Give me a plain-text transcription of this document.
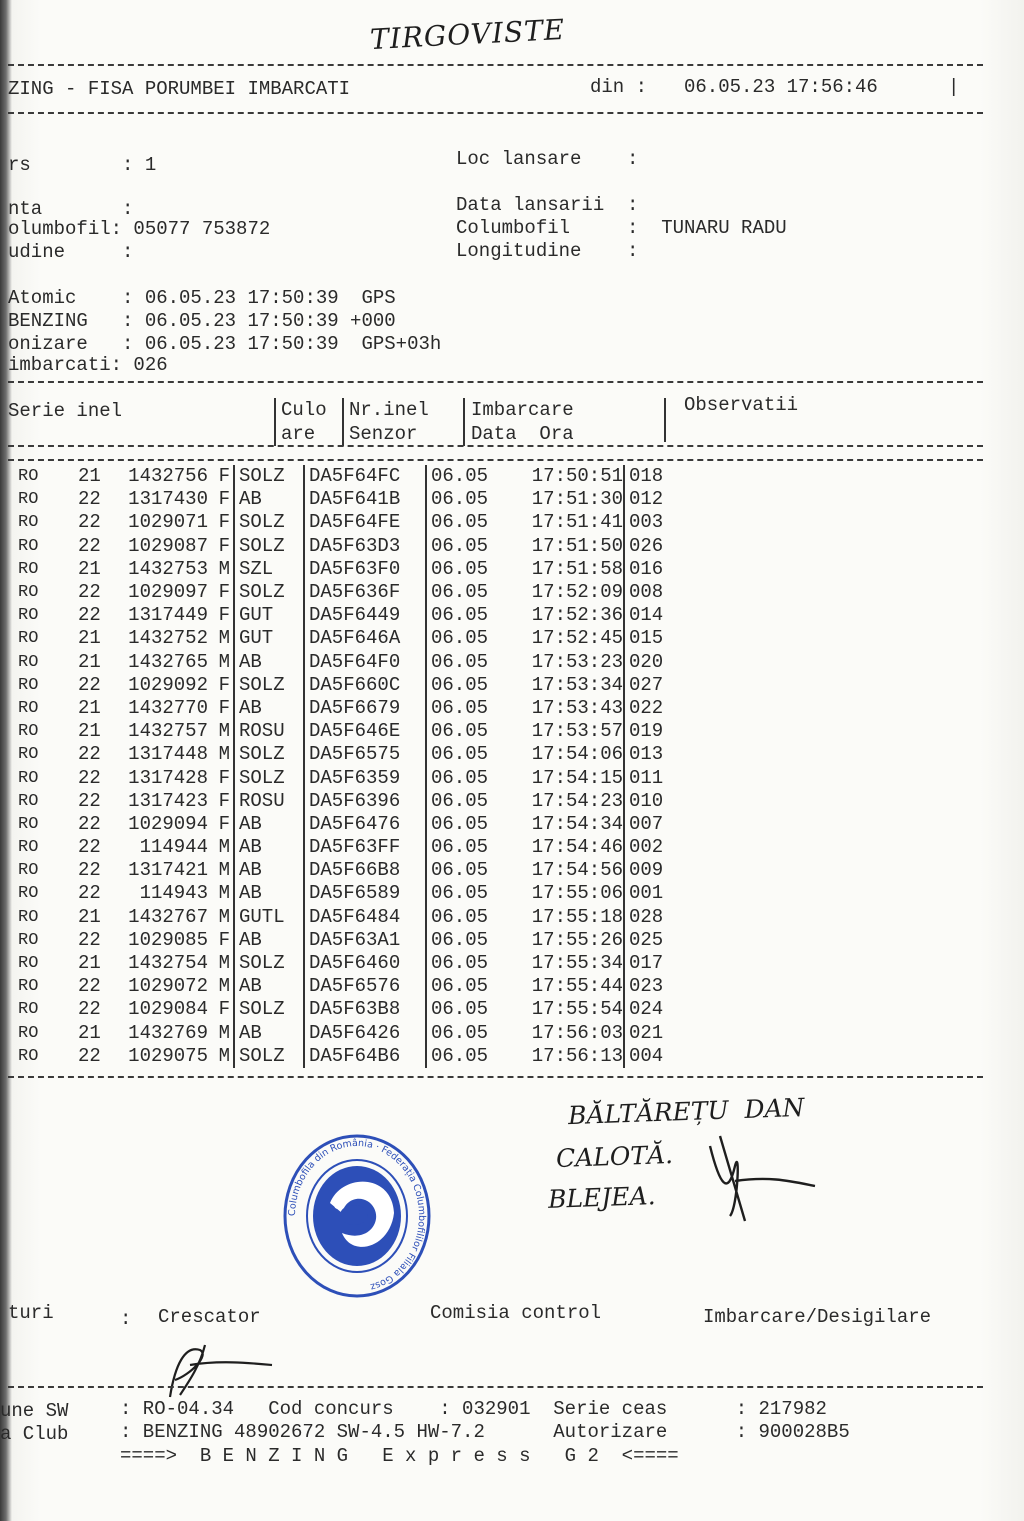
TIRGOVISTE
ZING - FISA PORUMBEI IMBARCATI	din : 06.05.23 17:56:46	|
rs        : 1
nta       :
olumbofil: 05077 753872
udine     :
Loc lansare    :
Data lansarii  :
Columbofil     :  TUNARU RADU
Longitudine    :
Atomic    : 06.05.23 17:50:39  GPS
BENZING   : 06.05.23 17:50:39 +000
onizare   : 06.05.23 17:50:39  GPS+03h
imbarcati: 026
Serie inel	Culo
are
Nr.inel
Senzor
Imbarcare
Data  Ora
Observatii
RO	21	1432756	F	SOLZ	DA5F64FC	06.05	17:50:51	018
RO	22	1317430	F	AB	DA5F641B	06.05	17:51:30	012
RO	22	1029071	F	SOLZ	DA5F64FE	06.05	17:51:41	003
RO	22	1029087	F	SOLZ	DA5F63D3	06.05	17:51:50	026
RO	21	1432753	M	SZL	DA5F63F0	06.05	17:51:58	016
RO	22	1029097	F	SOLZ	DA5F636F	06.05	17:52:09	008
RO	22	1317449	F	GUT	DA5F6449	06.05	17:52:36	014
RO	21	1432752	M	GUT	DA5F646A	06.05	17:52:45	015
RO	21	1432765	M	AB	DA5F64F0	06.05	17:53:23	020
RO	22	1029092	F	SOLZ	DA5F660C	06.05	17:53:34	027
RO	21	1432770	F	AB	DA5F6679	06.05	17:53:43	022
RO	21	1432757	M	ROSU	DA5F646E	06.05	17:53:57	019
RO	22	1317448	M	SOLZ	DA5F6575	06.05	17:54:06	013
RO	22	1317428	F	SOLZ	DA5F6359	06.05	17:54:15	011
RO	22	1317423	F	ROSU	DA5F6396	06.05	17:54:23	010
RO	22	1029094	F	AB	DA5F6476	06.05	17:54:34	007
RO	22	114944	M	AB	DA5F63FF	06.05	17:54:46	002
RO	22	1317421	M	AB	DA5F66B8	06.05	17:54:56	009
RO	22	114943	M	AB	DA5F6589	06.05	17:55:06	001
RO	21	1432767	M	GUTL	DA5F6484	06.05	17:55:18	028
RO	22	1029085	F	AB	DA5F63A1	06.05	17:55:26	025
RO	21	1432754	M	SOLZ	DA5F6460	06.05	17:55:34	017
RO	22	1029072	M	AB	DA5F6576	06.05	17:55:44	023
RO	22	1029084	F	SOLZ	DA5F63B8	06.05	17:55:54	024
RO	21	1432769	M	AB	DA5F6426	06.05	17:56:03	021
RO	22	1029075	M	SOLZ	DA5F64B6	06.05	17:56:13	004
BĂLTĂREȚU  DAN
CALOTĂ.
BLEJEA.
Columbofila din România · Federația Columbofililor Filiala Gosz
turi	: Crescator	Comisia control	Imbarcare/Desigilare
une SW	: RO-04.34   Cod concurs    : 032901  Serie ceas      : 217982
a Club	: BENZING 48902672 SW-4.5 HW-7.2      Autorizare      : 900028B5
====>  B E N Z I N G   E x p r e s s   G 2  <====
